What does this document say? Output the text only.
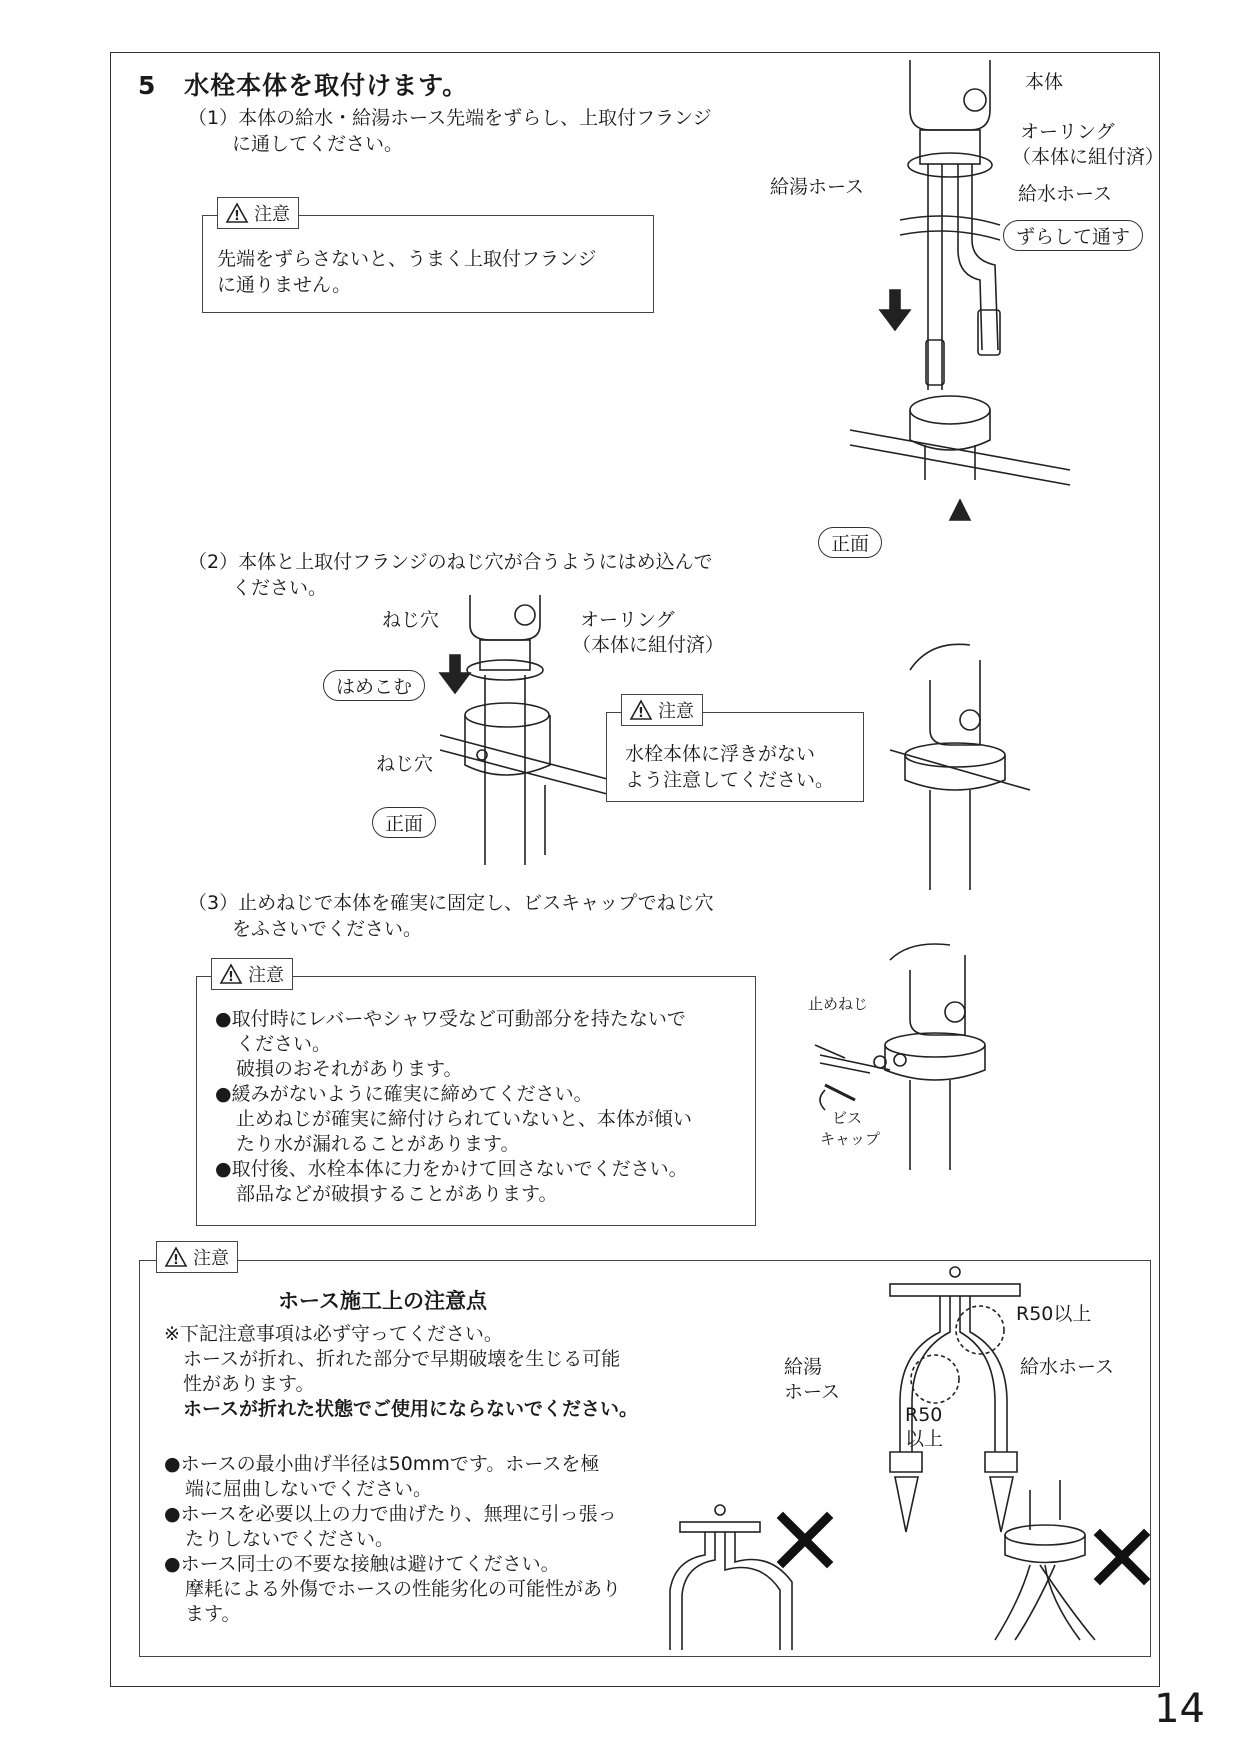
5 水栓本体を取付けます。
（1）本体の給水・給湯ホース先端をずらし、上取付フランジ
に通してください。
! 注意
先端をずらさないと、うまく上取付フランジ
に通りません。
本体
オーリング
（本体に組付済）
給湯ホース	給水ホース
ずらして通す
正面
（2）本体と上取付フランジのねじ穴が合うようにはめ込んで
ください。
ねじ穴	オーリング
（本体に組付済）
はめこむ
ねじ穴
正面
! 注意
水栓本体に浮きがない
よう注意してください。
（3）止めねじで本体を確実に固定し、ビスキャップでねじ穴
をふさいでください。
! 注意
●取付時にレバーやシャワ受など可動部分を持たないで
ください。
破損のおそれがあります。
●緩みがないように確実に締めてください。
止めねじが確実に締付けられていないと、本体が傾い
たり水が漏れることがあります。
●取付後、水栓本体に力をかけて回さないでください。
部品などが破損することがあります。
止めねじ
ビス
キャップ
! 注意
ホース施工上の注意点
※下記注意事項は必ず守ってください。
ホースが折れ、折れた部分で早期破壊を生じる可能
性があります。
ホースが折れた状態でご使用にならないでください。
●ホースの最小曲げ半径は50mmです。ホースを極
端に屈曲しないでください。
●ホースを必要以上の力で曲げたり、無理に引っ張っ
たりしないでください。
●ホース同士の不要な接触は避けてください。
摩耗による外傷でホースの性能劣化の可能性があり
ます。
R50以上
給湯
ホース
給水ホース
R50
以上
14
